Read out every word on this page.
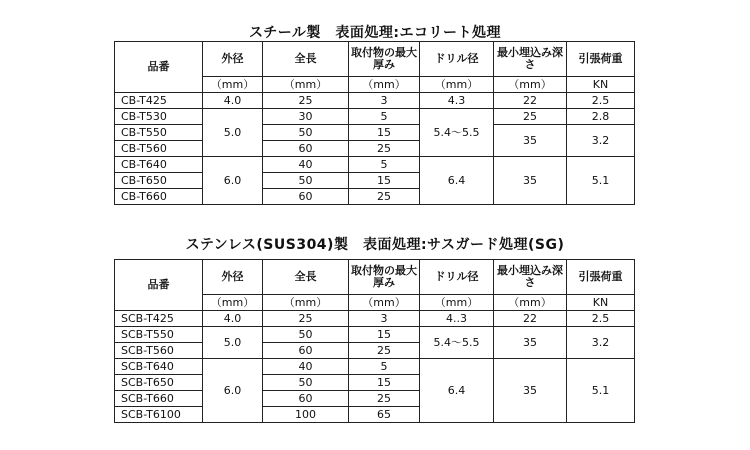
スチール製　表面処理:エコリート処理
品番	外径	全長	取付物の最大厚み	ドリル径	最小埋込み深さ	引張荷重
	（mm）	（mm）	（mm）	（mm）	（mm）	KN
CB-T425	4.0	25	3	4.3	22	2.5
CB-T530	5.0	30	5	5.4～5.5	25	2.8
CB-T550		50	15		35	3.2
CB-T560		60	25			
CB-T640	6.0	40	5	6.4	35	5.1
CB-T650		50	15			
CB-T660		60	25			
ステンレス(SUS304)製　表面処理:サスガード処理(SG)
品番	外径	全長	取付物の最大厚み	ドリル径	最小埋込み深さ	引張荷重
	（mm）	（mm）	（mm）	（mm）	（mm）	KN
SCB-T425	4.0	25	3	4..3	22	2.5
SCB-T550	5.0	50	15	5.4～5.5	35	3.2
SCB-T560		60	25			
SCB-T640	6.0	40	5	6.4	35	5.1
SCB-T650		50	15			
SCB-T660		60	25			
SCB-T6100		100	65			
